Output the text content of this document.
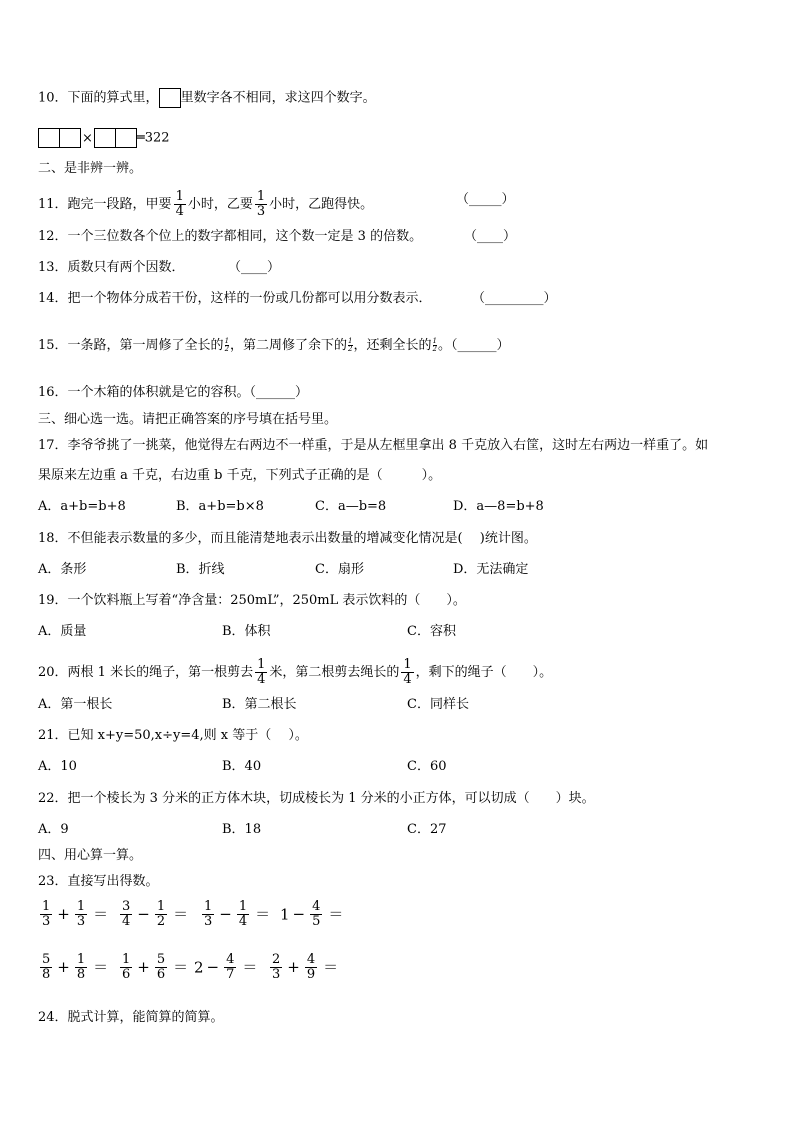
10．下面的算式里， 里数字各不相同，求这四个数字。
×	═322
二、是非辨一辨。
11．跑完一段路，甲要 $\frac{1}{4}$ 小时，乙要 $\frac{1}{3}$ 小时，乙跑得快。	（_____）
12．一个三位数各个位上的数字都相同，这个数一定是 3 的倍数。	（____）
13．质数只有两个因数．	（____）
14．把一个物体分成若干份，这样的一份或几份都可以用分数表示．	（_________）
15．一条路，第一周修了全长的 $\frac{1}{2}$ ，第二周修了余下的 $\frac{1}{2}$ ，还剩全长的 $\frac{1}{2}$ 。（______）
16．一个木箱的体积就是它的容积。（______）
三、细心选一选。请把正确答案的序号填在括号里。
17．李爷爷挑了一挑菜，他觉得左右两边不一样重，于是从左框里拿出 8 千克放入右筐，这时左右两边一样重了。如
果原来左边重 a 千克，右边重 b 千克，下列式子正确的是（　　　）。
A．a+b=b+8	B．a+b=b×8	C．a—b=8	D．a—8=b+8
18．不但能表示数量的多少，而且能清楚地表示出数量的增减变化情况是(　 )统计图。
A．条形	B．折线	C．扇形	D．无法确定
19．一个饮料瓶上写着“净含量：250mL”，250mL 表示饮料的（　　）。
A．质量	B．体积	C．容积
20．两根 1 米长的绳子，第一根剪去 $\frac{1}{4}$ 米，第二根剪去绳长的 $\frac{1}{4}$ ，剩下的绳子（　　）。
A．第一根长	B．第二根长	C．同样长
21．已知 x+y=50,x÷y=4,则 x 等于（　 ）。
A．10	B．40	C．60
22．把一个棱长为 3 分米的正方体木块，切成棱长为 1 分米的小正方体，可以切成（　　）块。
A．9	B．18	C．27
四、用心算一算。
23．直接写出得数。
$\frac{1}{3} + \frac{1}{3} = \frac{3}{4} - \frac{1}{2} = \frac{1}{3} - \frac{1}{4} = 1 - \frac{4}{5}$ ＝
$\frac{5}{8} + \frac{1}{8} = \frac{1}{6} + \frac{5}{6} = 2 - \frac{4}{7} = \frac{2}{3} + \frac{4}{9}$ ＝
24．脱式计算，能简算的简算。
